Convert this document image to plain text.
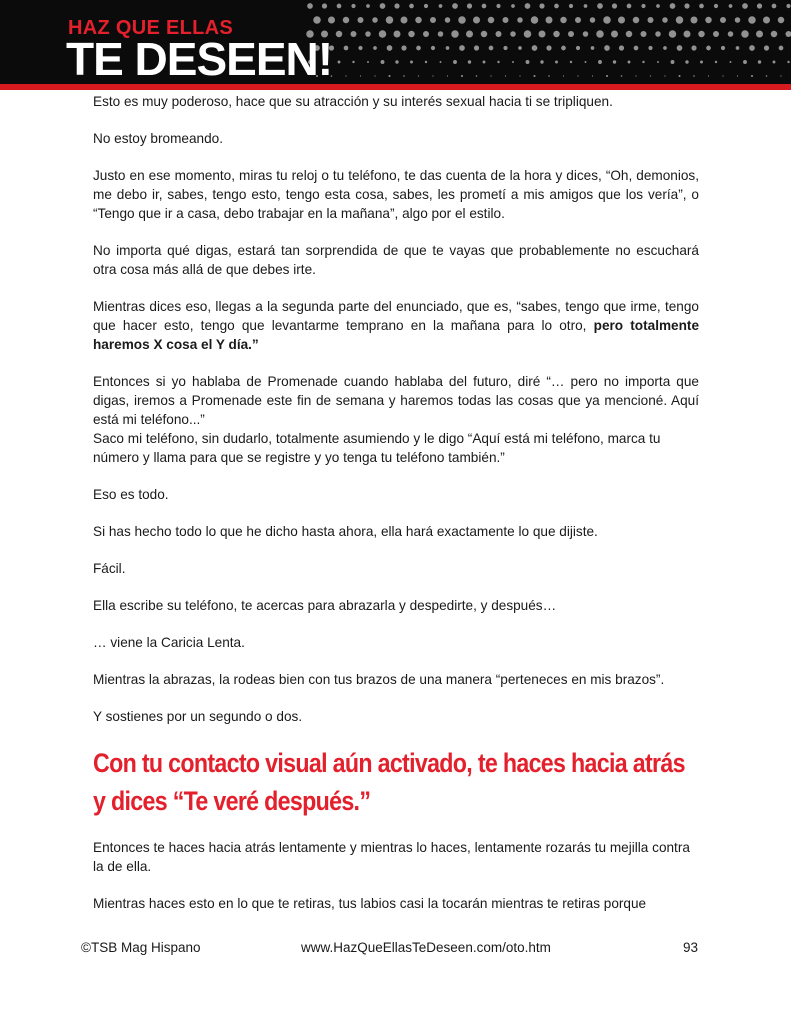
HAZ QUE ELLAS
TE DESEEN!

Esto es muy poderoso, hace que su atracción y su interés sexual hacia ti se tripliquen.

No estoy bromeando.

Justo en ese momento, miras tu reloj o tu teléfono, te das cuenta de la hora y dices, “Oh, demonios, me debo ir, sabes, tengo esto, tengo esta cosa, sabes, les prometí a mis amigos que los vería”, o “Tengo que ir a casa, debo trabajar en la mañana”, algo por el estilo.

No importa qué digas, estará tan sorprendida de que te vayas que probablemente no escuchará otra cosa más allá de que debes irte.

Mientras dices eso, llegas a la segunda parte del enunciado, que es, “sabes, tengo que irme, tengo que hacer esto, tengo que levantarme temprano en la mañana para lo otro, pero totalmente haremos X cosa el Y día.”

Entonces si yo hablaba de Promenade cuando hablaba del futuro, diré “… pero no importa que digas, iremos a Promenade este fin de semana y haremos todas las cosas que ya mencioné. Aquí está mi teléfono...”

Saco mi teléfono, sin dudarlo, totalmente asumiendo y le digo “Aquí está mi teléfono, marca tu número y llama para que se registre y yo tenga tu teléfono también.”

Eso es todo.

Si has hecho todo lo que he dicho hasta ahora, ella hará exactamente lo que dijiste.

Fácil.

Ella escribe su teléfono, te acercas para abrazarla y despedirte, y después…

… viene la Caricia Lenta.

Mientras la abrazas, la rodeas bien con tus brazos de una manera “perteneces en mis brazos”.

Y sostienes por un segundo o dos.

Con tu contacto visual aún activado, te haces hacia atrás
y dices “Te veré después.”

Entonces te haces hacia atrás lentamente y mientras lo haces, lentamente rozarás tu mejilla contra la de ella.

Mientras haces esto en lo que te retiras, tus labios casi la tocarán mientras te retiras porque

©TSB Mag Hispano	www.HazQueEllasTeDeseen.com/oto.htm	93
